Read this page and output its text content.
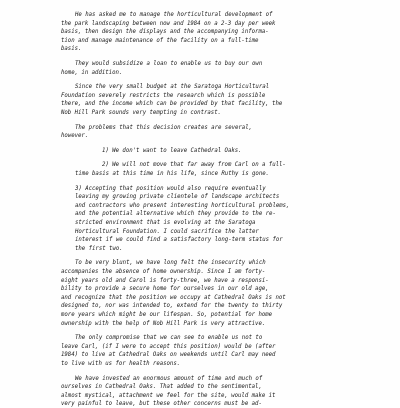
He has asked me to manage the horticultural development of
the park landscaping between now and 1984 on a 2-3 day per week
basis, then design the displays and the accompanying informa-
tion and manage maintenance of the facility on a full-time
basis.
They would subsidize a loan to enable us to buy our own
home, in addition.
Since the very small budget at the Saratoga Horticultural
Foundation severely restricts the research which is possible
there, and the income which can be provided by that facility, the
Nob Hill Park sounds very tempting in contrast.
The problems that this decision creates are several,
however.
1) We don't want to leave Cathedral Oaks.
2) We will not move that far away from Carl on a full-
time basis at this time in his life, since Ruthy is gone.
3) Accepting that position would also require eventually
leaving my growing private clientele of landscape architects
and contractors who present interesting horticultural problems,
and the potential alternative which they provide to the re-
stricted environment that is evolving at the Saratoga
Horticultural Foundation. I could sacrifice the latter
interest if we could find a satisfactory long-term status for
the first two.
To be very blunt, we have long felt the insecurity which
accompanies the absence of home ownership. Since I am forty-
eight years old and Carol is forty-three, we have a responsi-
bility to provide a secure home for ourselves in our old age,
and recognize that the position we occupy at Cathedral Oaks is not
designed to, nor was intended to, extend for the twenty to thirty
more years which might be our lifespan. So, potential for home
ownership with the help of Nob Hill Park is very attractive.
The only compromise that we can see to enable us not to
leave Carl, (if I were to accept this position) would be (after
1984) to live at Cathedral Oaks on weekends until Carl may need
to live with us for health reasons.
We have invested an enormous amount of time and much of
ourselves in Cathedral Oaks. That added to the sentimental,
almost mystical, attachment we feel for the site, would make it
very painful to leave, but these other concerns must be ad-
